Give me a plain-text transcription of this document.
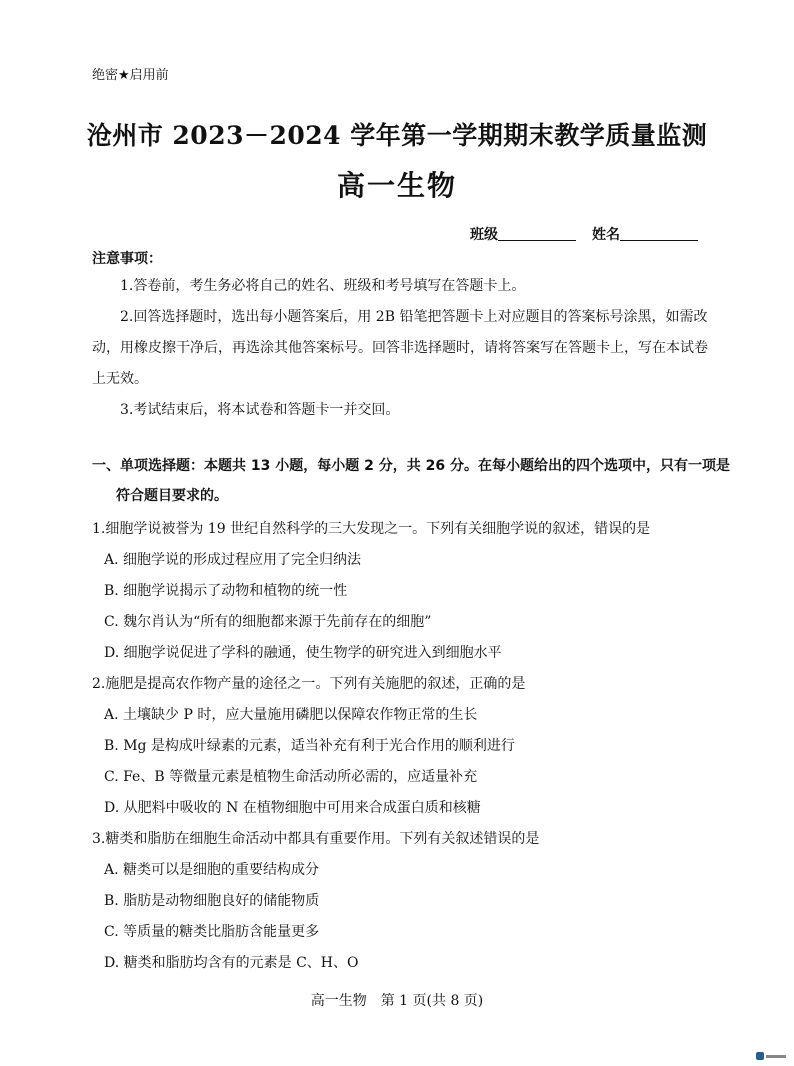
绝密★启用前
沧州市 2023－2024 学年第一学期期末教学质量监测
高一生物
班级	姓名
注意事项：
1.答卷前，考生务必将自己的姓名、班级和考号填写在答题卡上。
2.回答选择题时，选出每小题答案后，用 2B 铅笔把答题卡上对应题目的答案标号涂黑，如需改动，用橡皮擦干净后，再选涂其他答案标号。回答非选择题时，请将答案写在答题卡上，写在本试卷上无效。
3.考试结束后，将本试卷和答题卡一并交回。
一、单项选择题：本题共 13 小题，每小题 2 分，共 26 分。在每小题给出的四个选项中，只有一项是符合题目要求的。
1.细胞学说被誉为 19 世纪自然科学的三大发现之一。下列有关细胞学说的叙述，错误的是
A. 细胞学说的形成过程应用了完全归纳法
B. 细胞学说揭示了动物和植物的统一性
C. 魏尔肖认为“所有的细胞都来源于先前存在的细胞”
D. 细胞学说促进了学科的融通，使生物学的研究进入到细胞水平
2.施肥是提高农作物产量的途径之一。下列有关施肥的叙述，正确的是
A. 土壤缺少 P 时，应大量施用磷肥以保障农作物正常的生长
B. Mg 是构成叶绿素的元素，适当补充有利于光合作用的顺利进行
C. Fe、B 等微量元素是植物生命活动所必需的，应适量补充
D. 从肥料中吸收的 N 在植物细胞中可用来合成蛋白质和核糖
3.糖类和脂肪在细胞生命活动中都具有重要作用。下列有关叙述错误的是
A. 糖类可以是细胞的重要结构成分
B. 脂肪是动物细胞良好的储能物质
C. 等质量的糖类比脂肪含能量更多
D. 糖类和脂肪均含有的元素是 C、H、O
高一生物　第 1 页(共 8 页)
